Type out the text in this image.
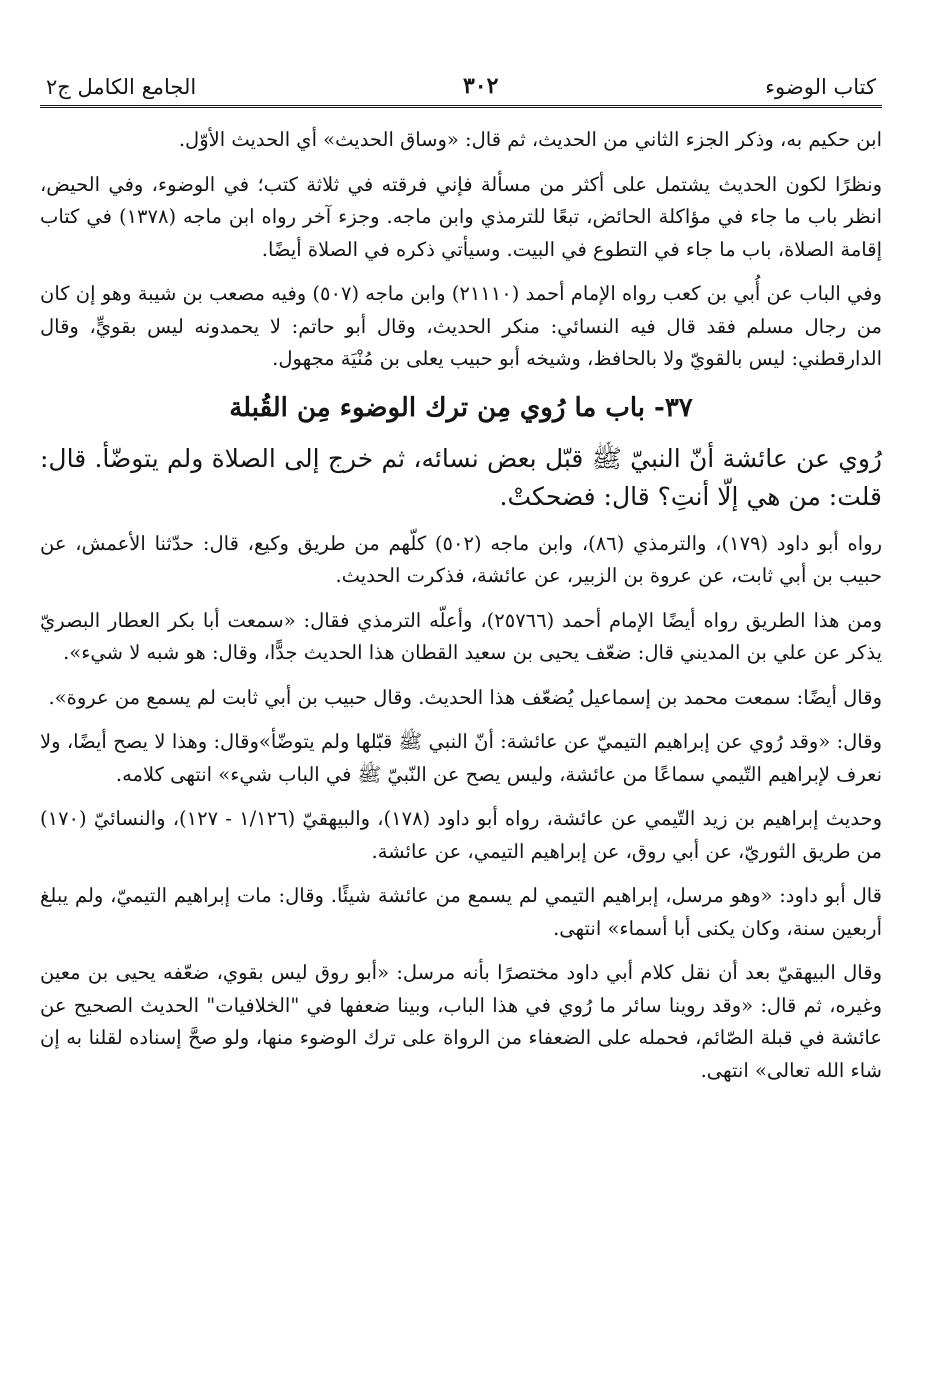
كتاب الوضوء
٣٠٢
الجامع الكامل ج٢

ابن حكيم به، وذكر الجزء الثاني من الحديث، ثم قال: «وساق الحديث» أي الحديث الأوّل.

ونظرًا لكون الحديث يشتمل على أكثر من مسألة فإني فرقته في ثلاثة كتب؛ في الوضوء، وفي الحيض، انظر باب ما جاء في مؤاكلة الحائض، تبعًا للترمذي وابن ماجه. وجزء آخر رواه ابن ماجه (١٣٧٨) في كتاب إقامة الصلاة، باب ما جاء في التطوع في البيت. وسيأتي ذكره في الصلاة أيضًا.

وفي الباب عن أُبي بن كعب رواه الإمام أحمد (٢١١١٠) وابن ماجه (٥٠٧) وفيه مصعب بن شيبة وهو إن كان من رجال مسلم فقد قال فيه النسائي: منكر الحديث، وقال أبو حاتم: لا يحمدونه ليس بقويٍّ، وقال الدارقطني: ليس بالقويّ ولا بالحافظ، وشيخه أبو حبيب يعلى بن مُنْيَة مجهول.

٣٧- باب ما رُوي مِن ترك الوضوء مِن القُبلة

رُوي عن عائشة أنّ النبيّ ﷺ قبّل بعض نسائه، ثم خرج إلى الصلاة ولم يتوضّأ. قال: قلت: من هي إلّا أنتِ؟ قال: فضحكتْ.

رواه أبو داود (١٧٩)، والترمذي (٨٦)، وابن ماجه (٥٠٢) كلّهم من طريق وكيع، قال: حدّثنا الأعمش، عن حبيب بن أبي ثابت، عن عروة بن الزبير، عن عائشة، فذكرت الحديث.

ومن هذا الطريق رواه أيضًا الإمام أحمد (٢٥٧٦٦)، وأعلّه الترمذي فقال: «سمعت أبا بكر العطار البصريّ يذكر عن علي بن المديني قال: ضعّف يحيى بن سعيد القطان هذا الحديث جدًّا، وقال: هو شبه لا شيء».

وقال أيضًا: سمعت محمد بن إسماعيل يُضعّف هذا الحديث. وقال حبيب بن أبي ثابت لم يسمع من عروة».

وقال: «وقد رُوي عن إبراهيم التيميّ عن عائشة: أنّ النبي ﷺ قبّلها ولم يتوضّأ»وقال: وهذا لا يصح أيضًا، ولا نعرف لإبراهيم التّيمي سماعًا من عائشة، وليس يصح عن النّبيّ ﷺ في الباب شيء» انتهى كلامه.

وحديث إبراهيم بن زيد التّيمي عن عائشة، رواه أبو داود (١٧٨)، والبيهقيّ (١/١٢٦ - ١٢٧)، والنسائيّ (١٧٠) من طريق الثوريّ، عن أبي روق، عن إبراهيم التيمي، عن عائشة.

قال أبو داود: «وهو مرسل، إبراهيم التيمي لم يسمع من عائشة شيئًا. وقال: مات إبراهيم التيميّ، ولم يبلغ أربعين سنة، وكان يكنى أبا أسماء» انتهى.

وقال البيهقيّ بعد أن نقل كلام أبي داود مختصرًا بأنه مرسل: «أبو روق ليس بقوي، ضعّفه يحيى بن معين وغيره، ثم قال: «وقد روينا سائر ما رُوي في هذا الباب، وبينا ضعفها في "الخلافيات" الحديث الصحيح عن عائشة في قبلة الصّائم، فحمله على الضعفاء من الرواة على ترك الوضوء منها، ولو صحَّ إسناده لقلنا به إن شاء الله تعالى» انتهى.
